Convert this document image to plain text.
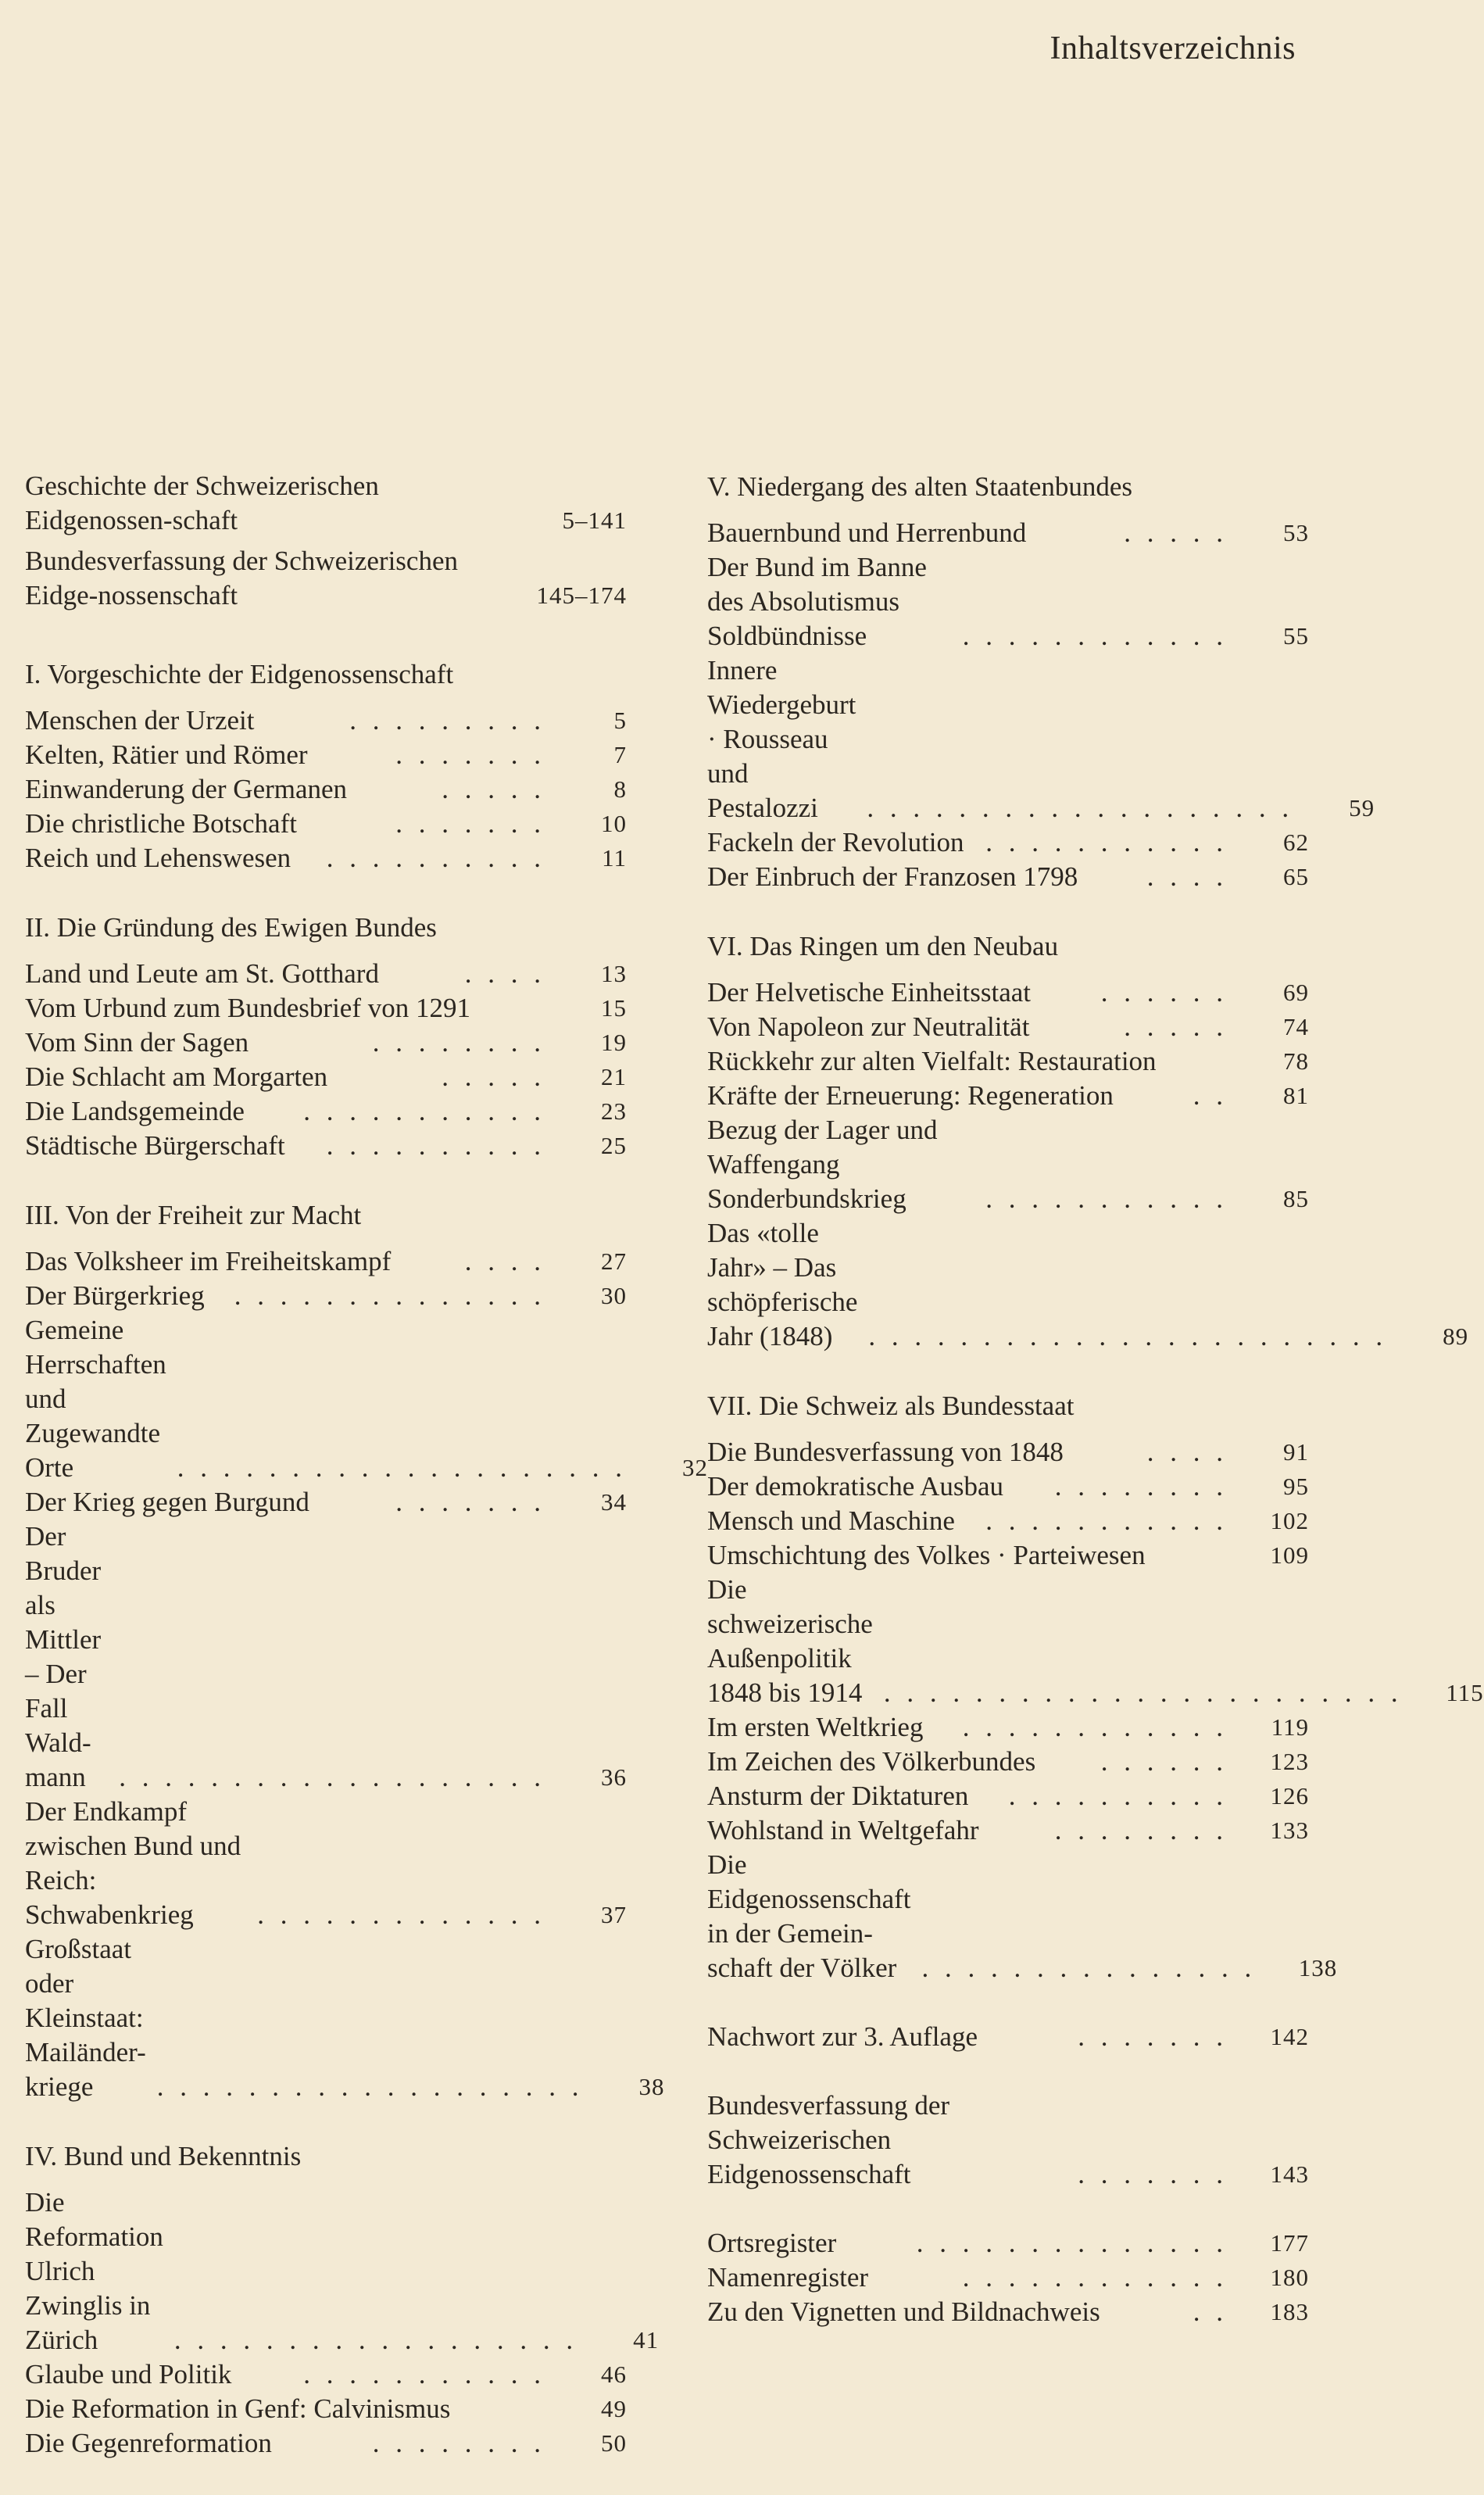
Inhaltsverzeichnis
Geschichte der Schweizerischen Eidgenossen-schaft	5–141
Bundesverfassung der Schweizerischen Eidge-nossenschaft	145–174
I. Vorgeschichte der Eidgenossenschaft
Menschen der Urzeit	. . . . . . . . .	5
Kelten, Rätier und Römer	. . . . . . .	7
Einwanderung der Germanen	. . . . .	8
Die christliche Botschaft	. . . . . . .	10
Reich und Lehenswesen	. . . . . . . . . .	11
II. Die Gründung des Ewigen Bundes
Land und Leute am St. Gotthard	. . . .	13
Vom Urbund zum Bundesbrief von 1291	15
Vom Sinn der Sagen	. . . . . . . .	19
Die Schlacht am Morgarten	. . . . .	21
Die Landsgemeinde	. . . . . . . . . . .	23
Städtische Bürgerschaft	. . . . . . . . . .	25
III. Von der Freiheit zur Macht
Das Volksheer im Freiheitskampf	. . . .	27
Der Bürgerkrieg	. . . . . . . . . . . . . .	30
Gemeine Herrschaften und Zugewandte Orte	. . . . . . . . . . . . . . . . . . . .	32
Der Krieg gegen Burgund	. . . . . . .	34
Der Bruder als Mittler – Der Fall Wald-mann	. . . . . . . . . . . . . . . . . . .	36
Der Endkampf zwischen Bund und Reich: Schwabenkrieg	. . . . . . . . . . . . .	37
Großstaat oder Kleinstaat: Mailänder-kriege	. . . . . . . . . . . . . . . . . . .	38
IV. Bund und Bekenntnis
Die Reformation Ulrich Zwinglis in Zürich	. . . . . . . . . . . . . . . . . .	41
Glaube und Politik	. . . . . . . . . . .	46
Die Reformation in Genf: Calvinismus	49
Die Gegenreformation	. . . . . . . .	50
V. Niedergang des alten Staatenbundes
Bauernbund und Herrenbund	. . . . .	53
Der Bund im Banne des Absolutismus Soldbündnisse	. . . . . . . . . . . .	55
Innere Wiedergeburt · Rousseau und Pestalozzi	. . . . . . . . . . . . . . . . . . .	59
Fackeln der Revolution . . . . . . . . . . .	62
Der Einbruch der Franzosen 1798	. . . .	65
VI. Das Ringen um den Neubau
Der Helvetische Einheitsstaat	. . . . . .	69
Von Napoleon zur Neutralität	. . . . .	74
Rückkehr zur alten Vielfalt: Restauration	78
Kräfte der Erneuerung: Regeneration	. .	81
Bezug der Lager und Waffengang Sonderbundskrieg	. . . . . . . . . . .	85
Das «tolle Jahr» – Das schöpferische Jahr (1848)	. . . . . . . . . . . . . . . . . . . . . . .	89
VII. Die Schweiz als Bundesstaat
Die Bundesverfassung von 1848	. . . .	91
Der demokratische Ausbau	. . . . . . . .	95
Mensch und Maschine	. . . . . . . . . . .	102
Umschichtung des Volkes · Parteiwesen	109
Die schweizerische Außenpolitik 1848 bis 1914 . . . . . . . . . . . . . . . . . . . . . . .	115
Im ersten Weltkrieg	. . . . . . . . . . . .	119
Im Zeichen des Völkerbundes	. . . . . .	123
Ansturm der Diktaturen	. . . . . . . . . .	126
Wohlstand in Weltgefahr	. . . . . . . .	133
Die Eidgenossenschaft in der Gemein-schaft der Völker . . . . . . . . . . . . . . .	138
Nachwort zur 3. Auflage	. . . . . . .	142
Bundesverfassung der Schweizerischen Eidgenossenschaft	. . . . . . .	143
Ortsregister	. . . . . . . . . . . . . .	177
Namenregister	. . . . . . . . . . . .	180
Zu den Vignetten und Bildnachweis	. .	183
